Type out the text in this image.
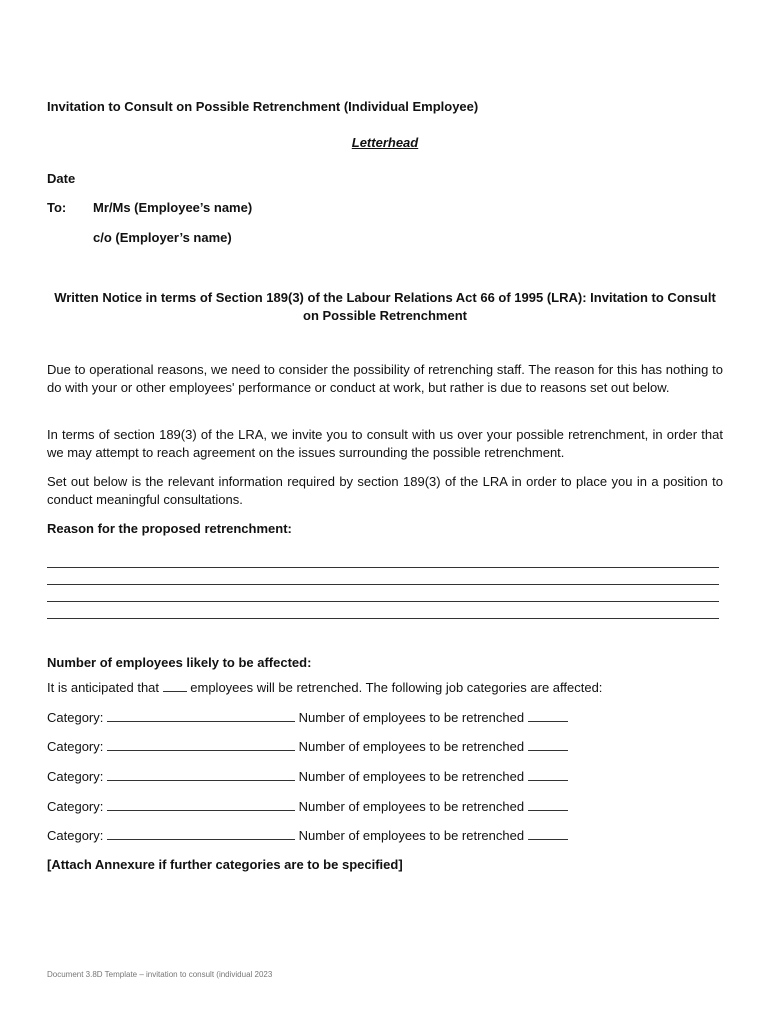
Invitation to Consult on Possible Retrenchment (Individual Employee)
Letterhead
Date
To: Mr/Ms (Employee’s name)
c/o (Employer’s name)
Written Notice in terms of Section 189(3) of the Labour Relations Act 66 of 1995 (LRA): Invitation to Consult on Possible Retrenchment
Due to operational reasons, we need to consider the possibility of retrenching staff. The reason for this has nothing to do with your or other employees' performance or conduct at work, but rather is due to reasons set out below.
In terms of section 189(3) of the LRA, we invite you to consult with us over your possible retrenchment, in order that we may attempt to reach agreement on the issues surrounding the possible retrenchment.
Set out below is the relevant information required by section 189(3) of the LRA in order to place you in a position to conduct meaningful consultations.
Reason for the proposed retrenchment:
Number of employees likely to be affected:
It is anticipated that employees will be retrenched. The following job categories are affected:
Category:	Number of employees to be retrenched
Category:	Number of employees to be retrenched
Category:	Number of employees to be retrenched
Category:	Number of employees to be retrenched
Category:	Number of employees to be retrenched
[Attach Annexure if further categories are to be specified]
Document 3.8D Template – invitation to consult (individual 2023
